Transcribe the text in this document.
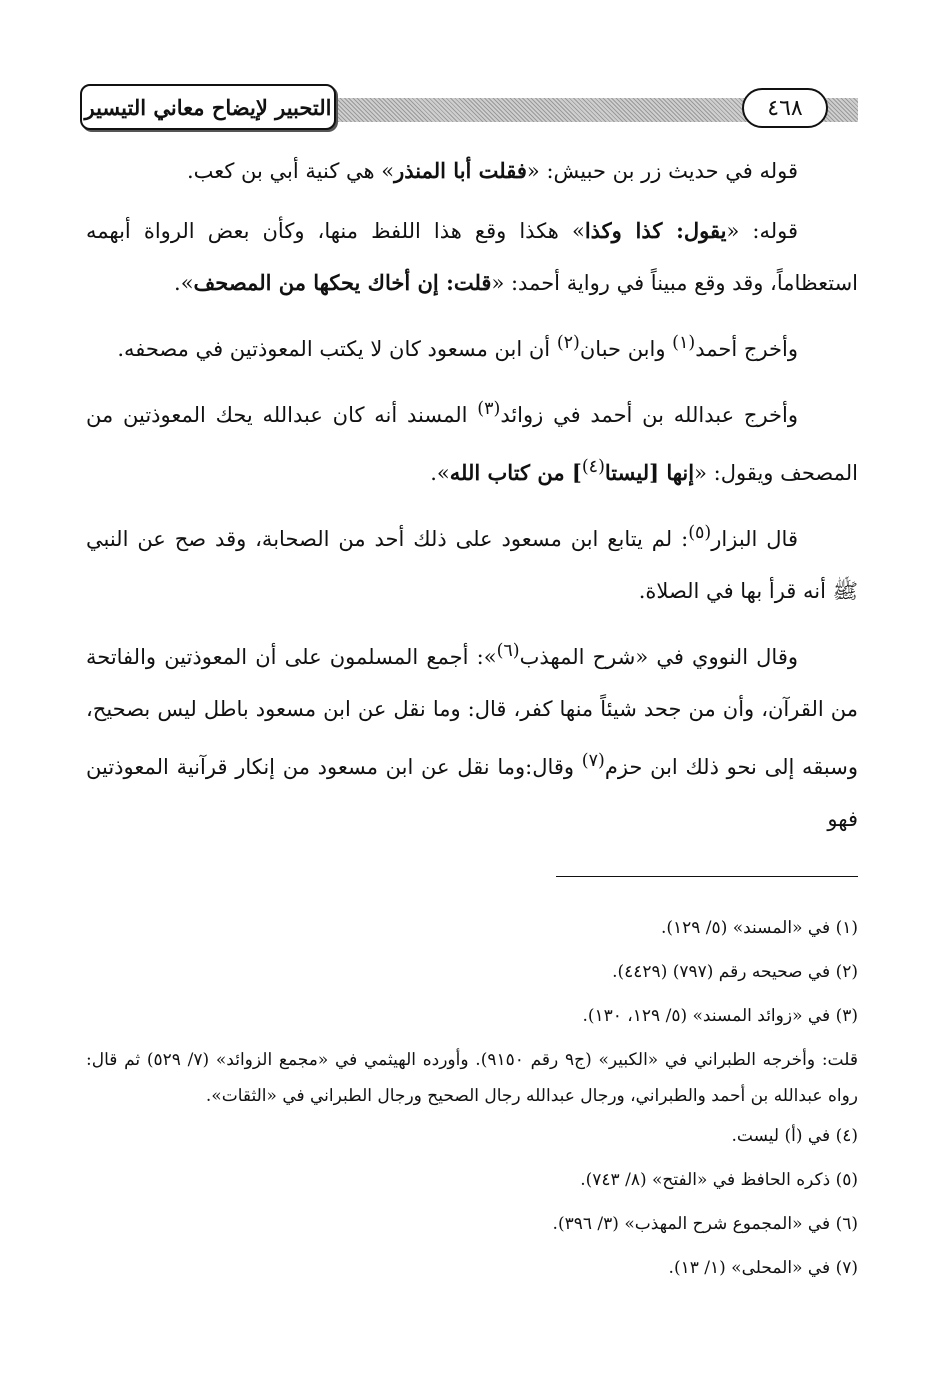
التحبير لإيضاح معاني التيسير	٤٦٨

قوله في حديث زر بن حبيش: «فقلت أبا المنذر» هي كنية أبي بن كعب.

قوله: «يقول: كذا وكذا» هكذا وقع هذا اللفظ منها، وكأن بعض الرواة أبهمه استعظاماً، وقد وقع مبيناً في رواية أحمد: «قلت: إن أخاك يحكها من المصحف».

وأخرج أحمد$^{(١)}$ وابن حبان$^{(٢)}$ أن ابن مسعود كان لا يكتب المعوذتين في مصحفه.

وأخرج عبدالله بن أحمد في زوائد$^{(٣)}$ المسند أنه كان عبدالله يحك المعوذتين من المصحف ويقول: «إنها [ليستا$^{(٤)}$] من كتاب الله».

قال البزار$^{(٥)}$: لم يتابع ابن مسعود على ذلك أحد من الصحابة، وقد صح عن النبي ﷺ أنه قرأ بها في الصلاة.

وقال النووي في «شرح المهذب$^{(٦)}$»: أجمع المسلمون على أن المعوذتين والفاتحة من القرآن، وأن من جحد شيئاً منها كفر، قال: وما نقل عن ابن مسعود باطل ليس بصحيح، وسبقه إلى نحو ذلك ابن حزم$^{(٧)}$ وقال:وما نقل عن ابن مسعود من إنكار قرآنية المعوذتين فهو

(١) في «المسند» (٥/ ١٢٩).

(٢) في صحيحه رقم (٧٩٧) (٤٤٢٩).

(٣) في «زوائد المسند» (٥/ ١٢٩، ١٣٠).

قلت: وأخرجه الطبراني في «الكبير» (ج٩ رقم ٩١٥٠). وأورده الهيثمي في «مجمع الزوائد» (٧/ ٥٢٩) ثم قال: رواه عبدالله بن أحمد والطبراني، ورجال عبدالله رجال الصحيح ورجال الطبراني في «الثقات».

(٤) في (أ) ليست.

(٥) ذكره الحافظ في «الفتح» (٨/ ٧٤٣).

(٦) في «المجموع شرح المهذب» (٣/ ٣٩٦).

(٧) في «المحلى» (١/ ١٣).
